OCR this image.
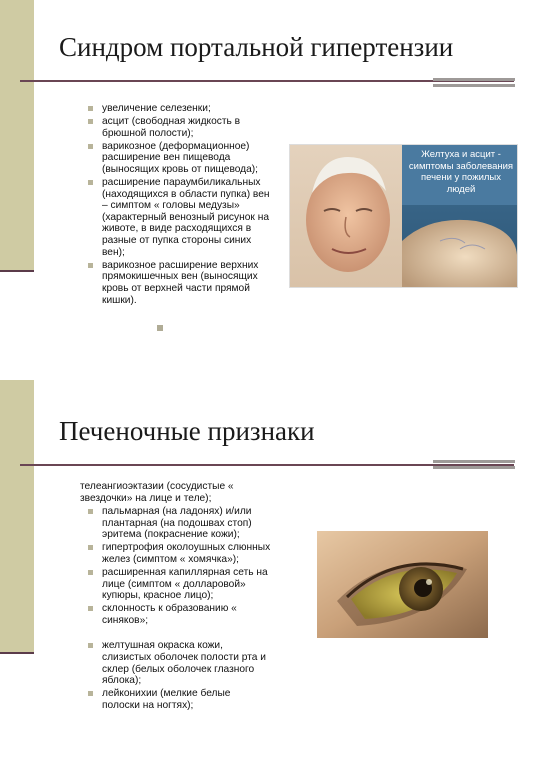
Синдром портальной гипертензии
увеличение селезенки;
асцит (свободная жидкость в брюшной полости);
варикозное (деформационное) расширение вен пищевода (выносящих кровь от пищевода);
расширение параумбиликальных (находящихся в области пупка) вен – симптом « головы медузы» (характерный венозный рисунок на животе, в виде расходящихся в разные от пупка стороны синих вен);
варикозное расширение верхних прямокишечных вен (выносящих кровь от верхней части прямой кишки).
Желтуха и асцит - симптомы заболевания печени у пожилых людей
Печеночные признаки
телеангиоэктазии (сосудистые « звездочки» на лице и теле);
пальмарная (на ладонях) и/или плантарная (на подошвах стоп) эритема (покраснение кожи);
гипертрофия околоушных слюнных желез (симптом « хомячка»);
расширенная капиллярная сеть на лице (симптом « долларовой» купюры, красное лицо);
склонность к образованию « синяков»;
желтушная окраска кожи, слизистых оболочек полости рта и склер (белых оболочек глазного яблока);
лейконихии (мелкие белые полоски на ногтях);
